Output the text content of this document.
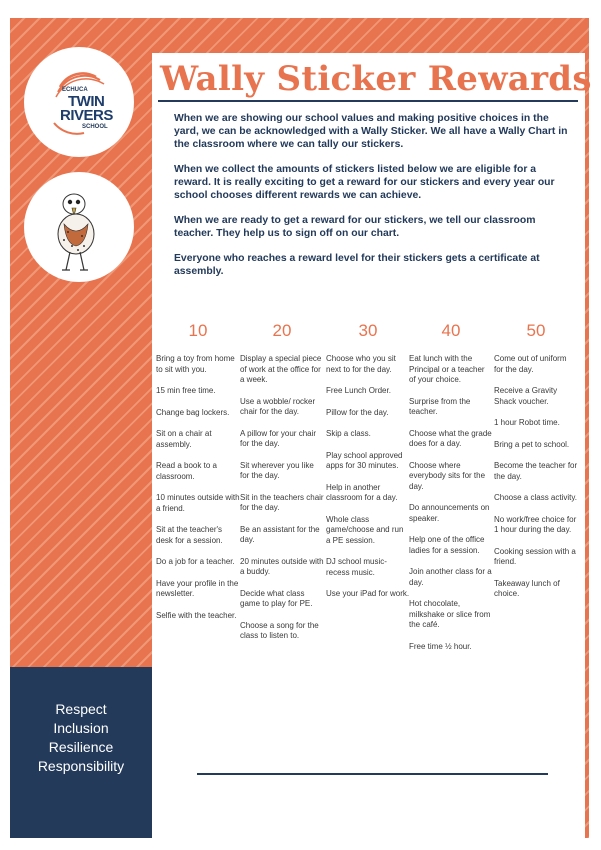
ECHUCA
TWIN
RIVERS
SCHOOL
Respect
Inclusion
Resilience
Responsibility
Wally Sticker Rewards

When we are showing our school values and making positive choices in the yard, we can be acknowledged with a Wally Sticker. We all have a Wally Chart in the classroom where we can tally our stickers.

When we collect the amounts of stickers listed below we are eligible for a reward. It is really exciting to get a reward for our stickers and every year our school chooses different rewards we can achieve.

When we are ready to get a reward for our stickers, we tell our classroom teacher. They help us to sign off on our chart.

Everyone who reaches a reward level for their stickers gets a certificate at assembly.

10
Bring a toy from home to sit with you.
15 min free time.
Change bag lockers.
Sit on a chair at assembly.
Read a book to a classroom.
10 minutes outside with a friend.
Sit at the teacher's desk for a session.
Do a job for a teacher.
Have your profile in the newsletter.
Selfie with the teacher.
20
Display a special piece of work at the office for a week.
Use a wobble/ rocker chair for the day.
A pillow for your chair for the day.
Sit wherever you like for the day.
Sit in the teachers chair for the day.
Be an assistant for the day.
20 minutes outside with a buddy.
Decide what class game to play for PE.
Choose a song for the class to listen to.
30
Choose who you sit next to for the day.
Free Lunch Order.
Pillow for the day.
Skip a class.
Play school approved apps for 30 minutes.
Help in another classroom for a day.
Whole class game/choose and run a PE session.
DJ school music- recess music.
Use your iPad for work.
40
Eat lunch with the Principal or a teacher of your choice.
Surprise from the teacher.
Choose what the grade does for a day.
Choose where everybody sits for the day.
Do announcements on speaker.
Help one of the office ladies for a session.
Join another class for a day.
Hot chocolate, milkshake or slice from the café.
Free time ½ hour.
50
Come out of uniform for the day.
Receive a Gravity Shack voucher.
1 hour Robot time.
Bring a pet to school.
Become the teacher for the day.
Choose a class activity.
No work/free choice for 1 hour during the day.
Cooking session with a friend.
Takeaway lunch of choice.
